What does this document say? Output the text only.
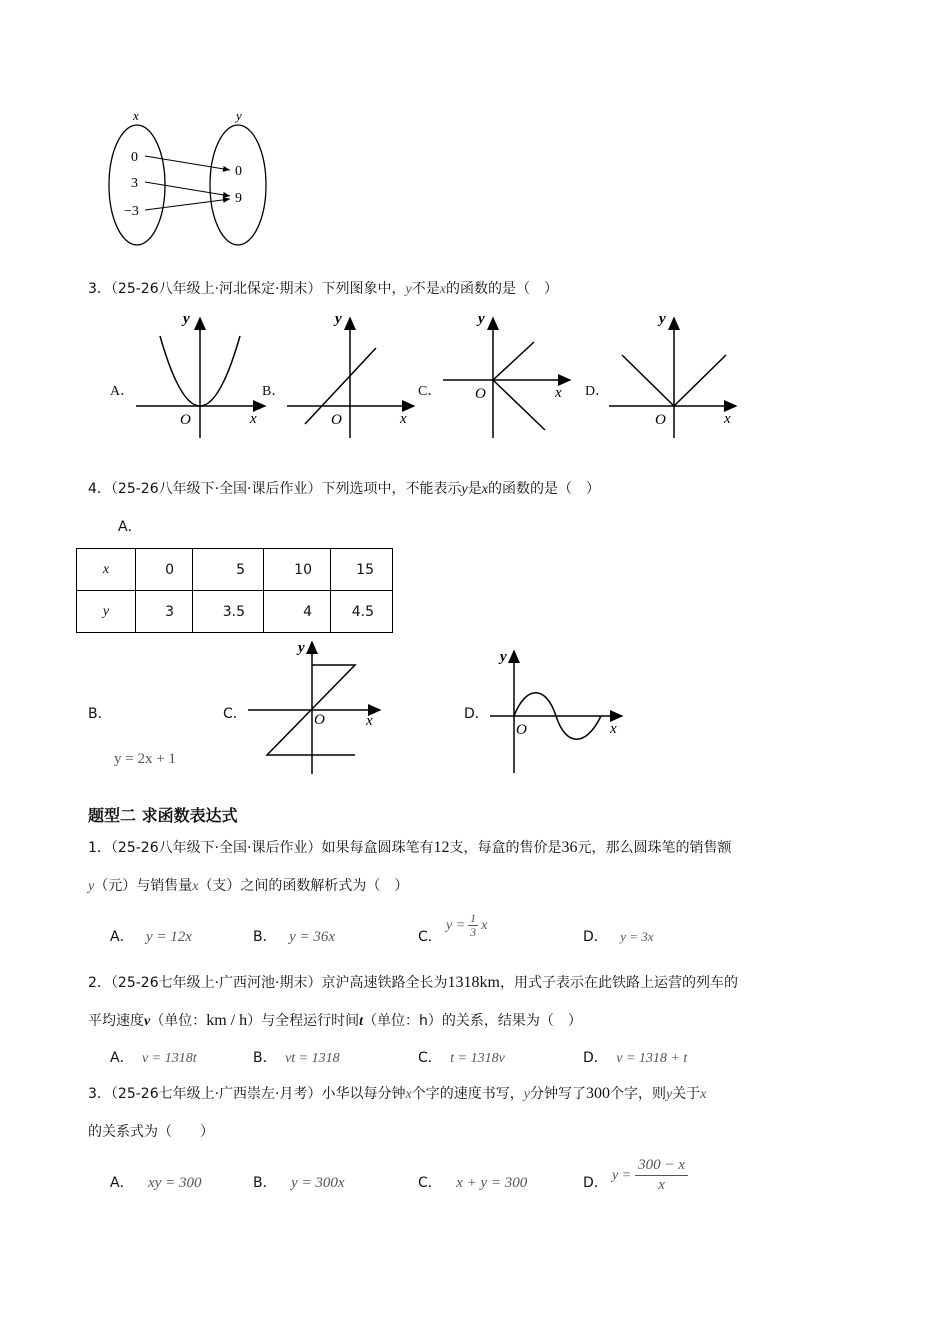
x	y
0
3
−3
0
9
3．（25-26八年级上·河北保定·期末）下列图象中，y不是x的函数的是（　）
A．	B．	C．	D．
y
x
O
y
x
O
y
x
O
y
x
O
4．（25-26八年级下·全国·课后作业）下列选项中，不能表示y是x的函数的是（　）
A．
x	0	5	10	15
y	3	3.5	4	4.5
B．
y = 2x + 1
C．
y
x
O	D．
y
x
O
题型二 求函数表达式
1．（25-26八年级下·全国·课后作业）如果每盒圆珠笔有12支，每盒的售价是36元，那么圆珠笔的销售额
y（元）与销售量x（支）之间的函数解析式为（　）
A． y = 12x	B． y = 36x	C．
$y = \frac{1}{3}$ x
D． y = 3x
2．（25-26七年级上·广西河池·期末）京沪高速铁路全长为1318km，用式子表示在此铁路上运营的列车的
平均速度v（单位：km / h）与全程运行时间t（单位：h）的关系，结果为（　）
A． v = 1318t	B． vt = 1318	C． t = 1318v	D． v = 1318 + t
3．（25-26七年级上·广西崇左·月考）小华以每分钟x个字的速度书写，y分钟写了300个字，则y关于x
的关系式为（　　）
A． xy = 300	B． y = 300x	C． x + y = 300	D． $y = \frac{300 - x}{x}$
